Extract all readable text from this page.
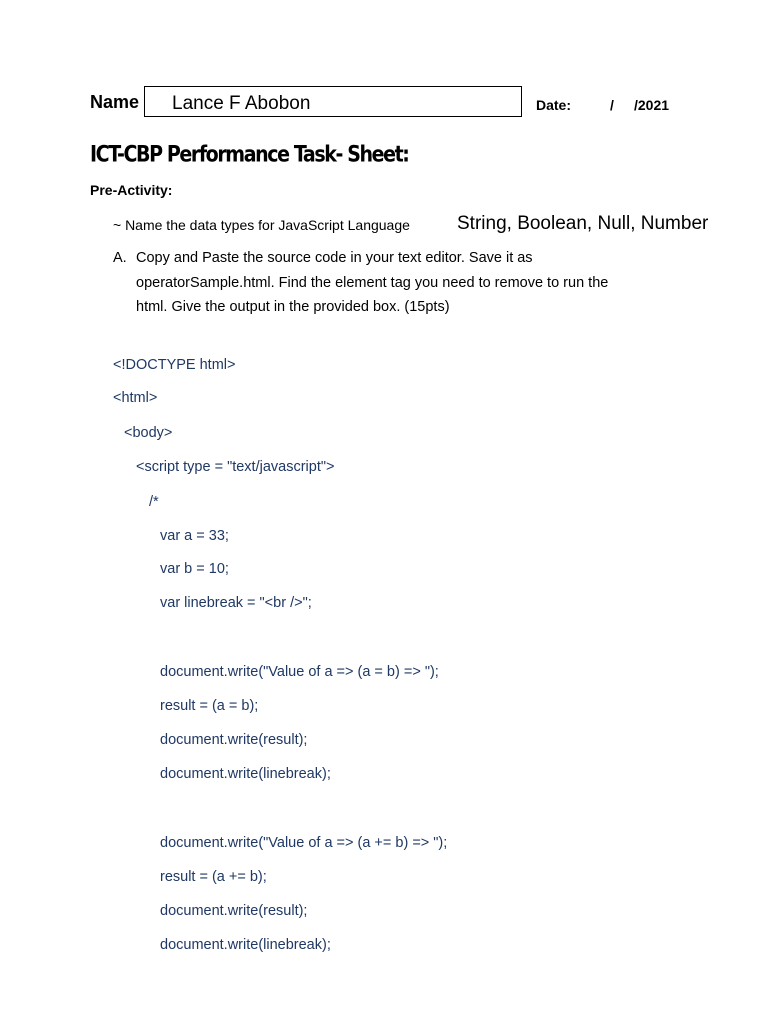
Name Lance F Abobon	Date:	/ /2021
ICT-CBP Performance Task- Sheet:
Pre-Activity:
~ Name the data types for JavaScript Language String, Boolean, Null, Number
A. Copy and Paste the source code in your text editor. Save it as
operatorSample.html. Find the element tag you need to remove to run the
html. Give the output in the provided box. (15pts)
<!DOCTYPE html>
<html>
<body>
<script type = "text/javascript">
/*
var a = 33;
var b = 10;
var linebreak = "<br />";
document.write("Value of a => (a = b) => ");
result = (a = b);
document.write(result);
document.write(linebreak);
document.write("Value of a => (a += b) => ");
result = (a += b);
document.write(result);
document.write(linebreak);
